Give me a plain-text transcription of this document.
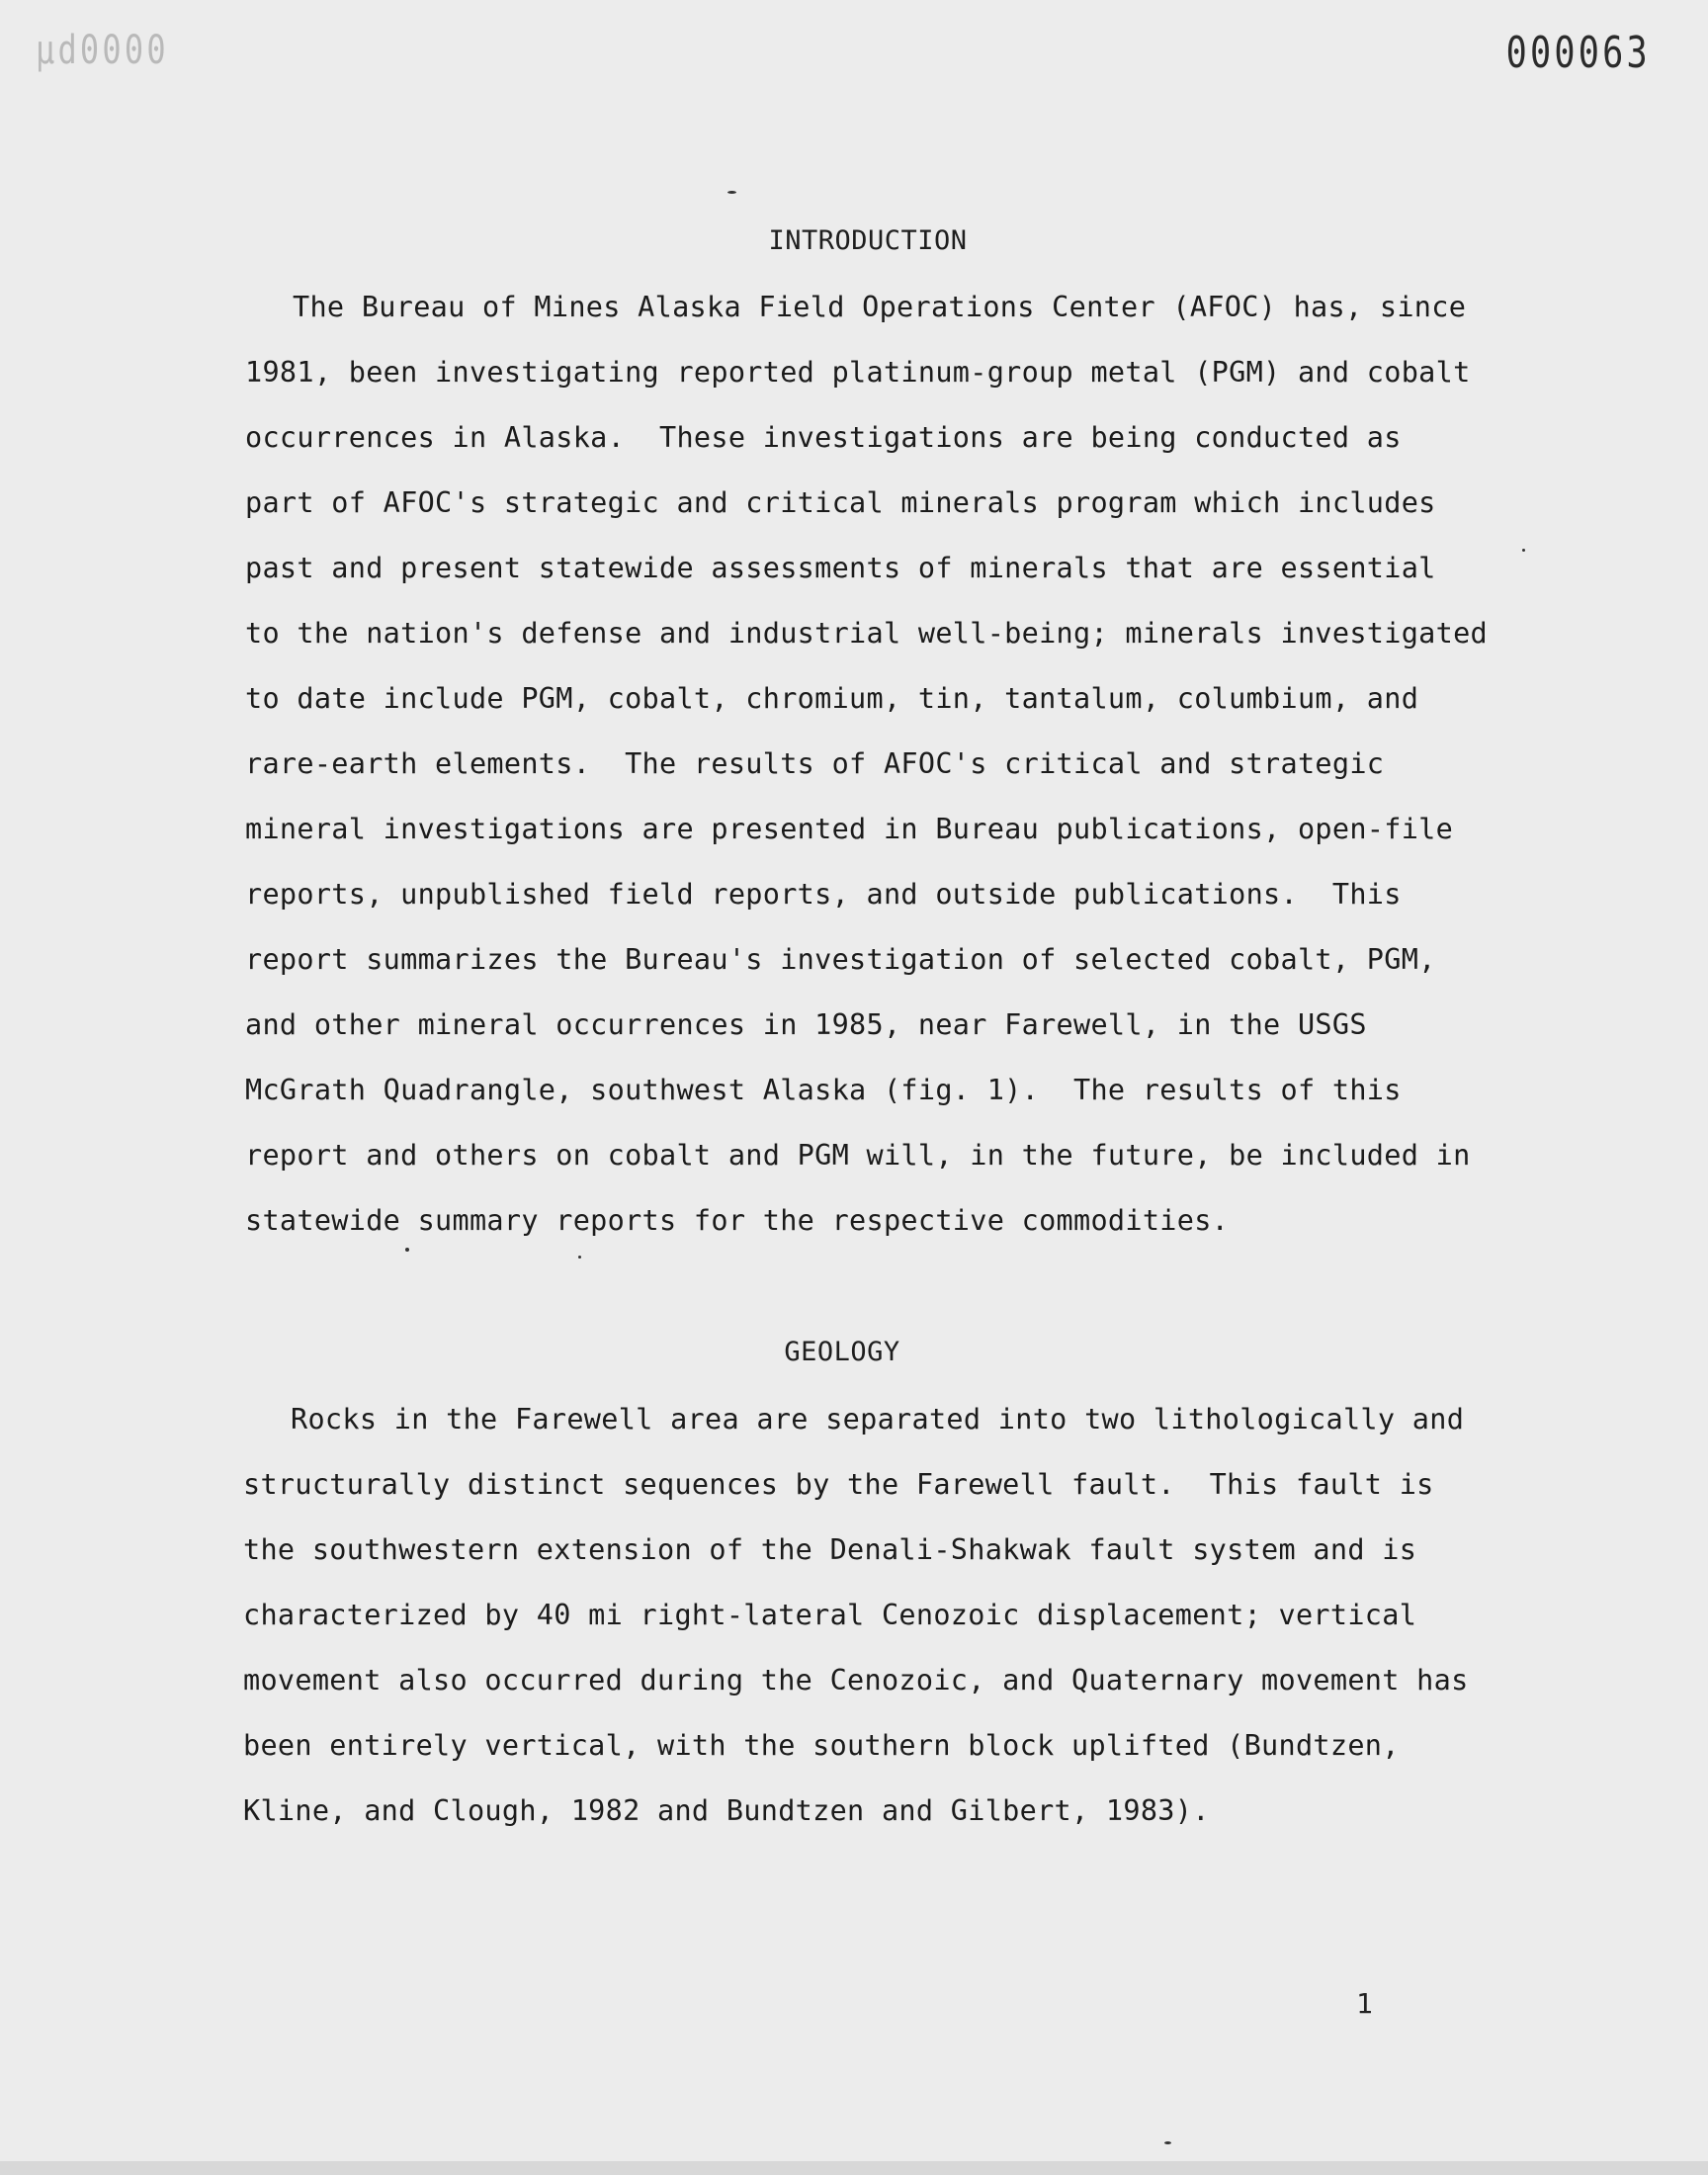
µd0000	000063
INTRODUCTION
The Bureau of Mines Alaska Field Operations Center (AFOC) has, since
1981, been investigating reported platinum-group metal (PGM) and cobalt
occurrences in Alaska.  These investigations are being conducted as
part of AFOC's strategic and critical minerals program which includes
past and present statewide assessments of minerals that are essential
to the nation's defense and industrial well-being; minerals investigated
to date include PGM, cobalt, chromium, tin, tantalum, columbium, and
rare-earth elements.  The results of AFOC's critical and strategic
mineral investigations are presented in Bureau publications, open-file
reports, unpublished field reports, and outside publications.  This
report summarizes the Bureau's investigation of selected cobalt, PGM,
and other mineral occurrences in 1985, near Farewell, in the USGS
McGrath Quadrangle, southwest Alaska (fig. 1).  The results of this
report and others on cobalt and PGM will, in the future, be included in
statewide summary reports for the respective commodities.
GEOLOGY
Rocks in the Farewell area are separated into two lithologically and
structurally distinct sequences by the Farewell fault.  This fault is
the southwestern extension of the Denali-Shakwak fault system and is
characterized by 40 mi right-lateral Cenozoic displacement; vertical
movement also occurred during the Cenozoic, and Quaternary movement has
been entirely vertical, with the southern block uplifted (Bundtzen,
Kline, and Clough, 1982 and Bundtzen and Gilbert, 1983).
1
